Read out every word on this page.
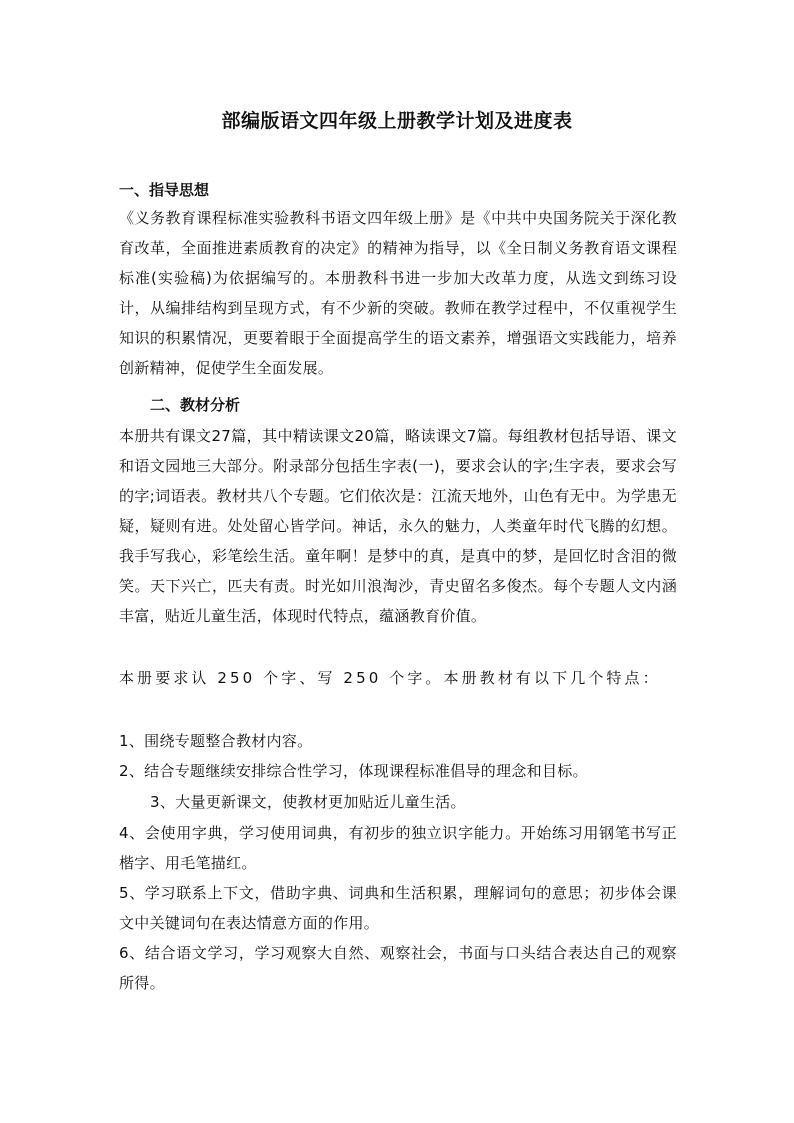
部编版语文四年级上册教学计划及进度表
一、指导思想
《义务教育课程标准实验教科书语文四年级上册》是《中共中央国务院关于深化教育改革，全面推进素质教育的决定》的精神为指导，以《全日制义务教育语文课程标准(实验稿)为依据编写的。本册教科书进一步加大改革力度，从选文到练习设计，从编排结构到呈现方式，有不少新的突破。教师在教学过程中，不仅重视学生知识的积累情况，更要着眼于全面提高学生的语文素养，增强语文实践能力，培养创新精神，促使学生全面发展。
二、教材分析
本册共有课文27篇，其中精读课文20篇，略读课文7篇。每组教材包括导语、课文和语文园地三大部分。附录部分包括生字表(一)，要求会认的字;生字表，要求会写的字;词语表。教材共八个专题。它们依次是：江流天地外，山色有无中。为学患无疑，疑则有进。处处留心皆学问。神话，永久的魅力，人类童年时代飞腾的幻想。我手写我心，彩笔绘生活。童年啊！是梦中的真，是真中的梦，是回忆时含泪的微笑。天下兴亡，匹夫有责。时光如川浪淘沙，青史留名多俊杰。每个专题人文内涵丰富，贴近儿童生活，体现时代特点，蕴涵教育价值。
本册要求认 250 个字、写 250 个字。本册教材有以下几个特点：
1、围绕专题整合教材内容。
2、结合专题继续安排综合性学习，体现课程标准倡导的理念和目标。
3、大量更新课文，使教材更加贴近儿童生活。
4、会使用字典，学习使用词典，有初步的独立识字能力。开始练习用钢笔书写正楷字、用毛笔描红。
5、学习联系上下文，借助字典、词典和生活积累，理解词句的意思；初步体会课文中关键词句在表达情意方面的作用。
6、结合语文学习，学习观察大自然、观察社会，书面与口头结合表达自己的观察所得。
